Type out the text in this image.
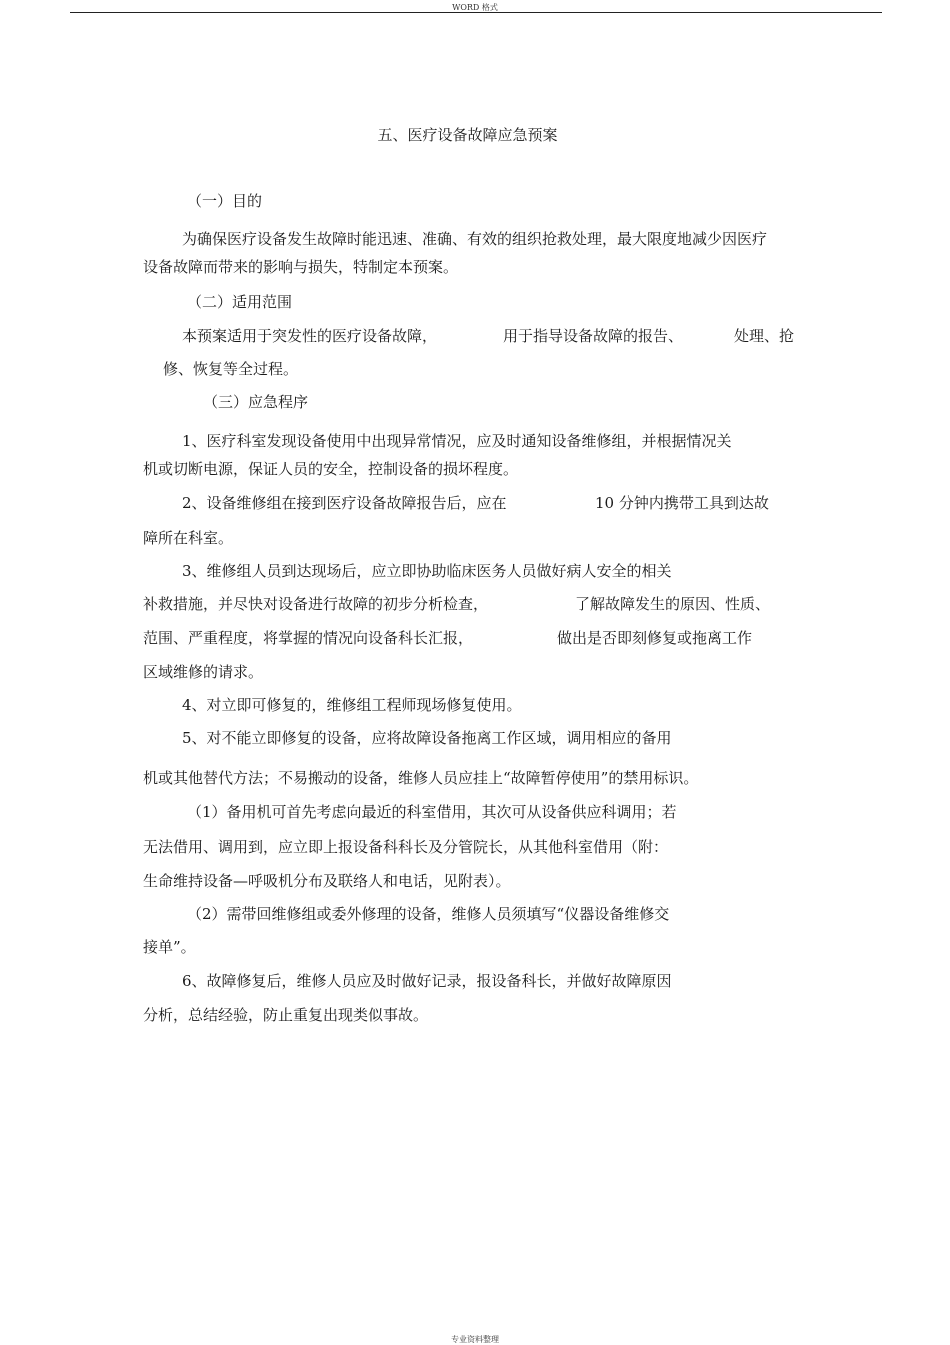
WORD 格式
五、医疗设备故障应急预案
（一）目的
为确保医疗设备发生故障时能迅速、准确、有效的组织抢救处理，最大限度地减少因医疗
设备故障而带来的影响与损失，特制定本预案。
（二）适用范围
本预案适用于突发性的医疗设备故障，	用于指导设备故障的报告、	处理、抢
修、恢复等全过程。
（三）应急程序
1、医疗科室发现设备使用中出现异常情况，应及时通知设备维修组，并根据情况关
机或切断电源，保证人员的安全，控制设备的损坏程度。
2、设备维修组在接到医疗设备故障报告后，应在	10 分钟内携带工具到达故
障所在科室。
3、维修组人员到达现场后，应立即协助临床医务人员做好病人安全的相关
补救措施，并尽快对设备进行故障的初步分析检查，	了解故障发生的原因、性质、
范围、严重程度，将掌握的情况向设备科长汇报，	做出是否即刻修复或拖离工作
区域维修的请求。
4、对立即可修复的，维修组工程师现场修复使用。
5、对不能立即修复的设备，应将故障设备拖离工作区域，调用相应的备用
机或其他替代方法；不易搬动的设备，维修人员应挂上“故障暂停使用”的禁用标识。
（1）备用机可首先考虑向最近的科室借用，其次可从设备供应科调用；若
无法借用、调用到，应立即上报设备科科长及分管院长，从其他科室借用（附：
生命维持设备—呼吸机分布及联络人和电话，见附表）。
（2）需带回维修组或委外修理的设备，维修人员须填写“仪器设备维修交
接单”。
6、故障修复后，维修人员应及时做好记录，报设备科长，并做好故障原因
分析，总结经验，防止重复出现类似事故。
专业资料整理
